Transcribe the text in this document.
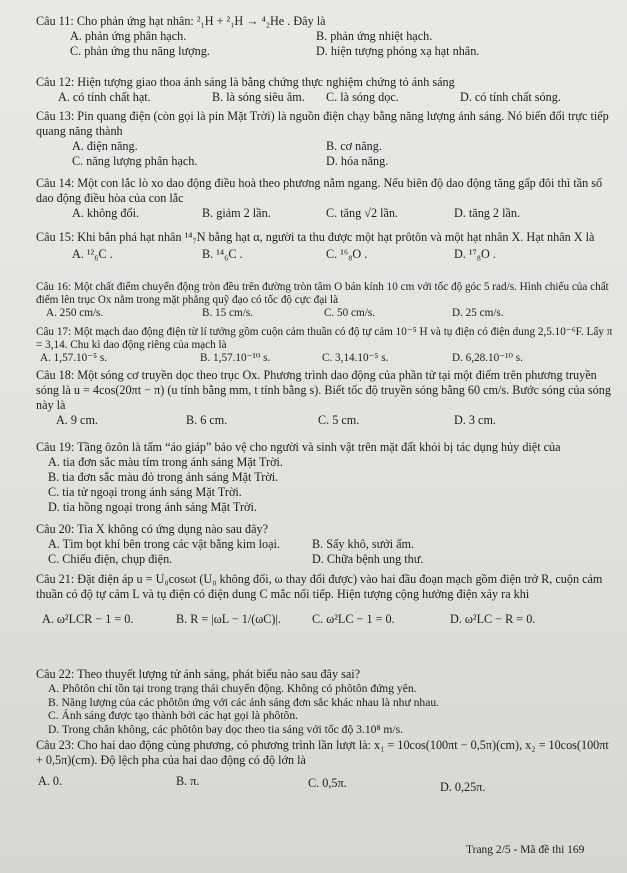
Câu 11: Cho phản ứng hạt nhân: ²₁H + ²₁H → ⁴₂He . Đây là

A. phản ứng phân hạch.	B. phản ứng nhiệt hạch.
C. phản ứng thu năng lượng.	D. hiện tượng phóng xạ hạt nhân.

Câu 12: Hiện tượng giao thoa ánh sáng là bằng chứng thực nghiệm chứng tỏ ánh sáng

A. có tính chất hạt.	B. là sóng siêu âm. C. là sóng dọc.	D. có tính chất sóng.

Câu 13: Pin quang điện (còn gọi là pin Mặt Trời) là nguồn điện chạy bằng năng lượng ánh sáng. Nó biến đổi trực tiếp quang năng thành

A. điện năng.	B. cơ năng.
C. năng lượng phân hạch.	D. hóa năng.

Câu 14: Một con lắc lò xo dao động điều hoà theo phương nằm ngang. Nếu biên độ dao động tăng gấp đôi thì tần số dao động điều hòa của con lắc

A. không đổi.	B. giảm 2 lần.	C. tăng √2 lần.	D. tăng 2 lần.

Câu 15: Khi bắn phá hạt nhân ¹⁴₇N bằng hạt α, người ta thu được một hạt prôtôn và một hạt nhân X. Hạt nhân X là

A. ¹²₆C .	B. ¹⁴₆C .	C. ¹⁶₈O .	D. ¹⁷₈O .

Câu 16: Một chất điểm chuyển động tròn đều trên đường tròn tâm O bán kính 10 cm với tốc độ góc 5 rad/s. Hình chiếu của chất điểm lên trục Ox nằm trong mặt phẳng quỹ đạo có tốc độ cực đại là

A. 250 cm/s.	B. 15 cm/s.	C. 50 cm/s.	D. 25 cm/s.

Câu 17: Một mạch dao động điện từ lí tưởng gồm cuộn cảm thuần có độ tự cảm 10⁻⁵ H và tụ điện có điện dung 2,5.10⁻⁶F. Lấy π = 3,14. Chu kì dao động riêng của mạch là

A. 1,57.10⁻⁵ s.	B. 1,57.10⁻¹⁰ s.	C. 3,14.10⁻⁵ s.	D. 6,28.10⁻¹⁰ s.

Câu 18: Một sóng cơ truyền dọc theo trục Ox. Phương trình dao động của phần tử tại một điểm trên phương truyền sóng là u = 4cos(20πt − π) (u tính bằng mm, t tính bằng s). Biết tốc độ truyền sóng bằng 60 cm/s. Bước sóng của sóng này là

A. 9 cm.	B. 6 cm.	C. 5 cm.	D. 3 cm.

Câu 19: Tầng ôzôn là tấm “áo giáp” bảo vệ cho người và sinh vật trên mặt đất khỏi bị tác dụng hủy diệt của

A. tia đơn sắc màu tím trong ánh sáng Mặt Trời.
B. tia đơn sắc màu đỏ trong ánh sáng Mặt Trời.
C. tia tử ngoại trong ánh sáng Mặt Trời.
D. tia hồng ngoại trong ánh sáng Mặt Trời.

Câu 20: Tia X không có ứng dụng nào sau đây?

A. Tìm bọt khí bên trong các vật bằng kim loại.	B. Sấy khô, sưởi ấm.
C. Chiếu điện, chụp điện.	D. Chữa bệnh ung thư.

Câu 21: Đặt điện áp u = U₀cosωt (U₀ không đổi, ω thay đổi được) vào hai đầu đoạn mạch gồm điện trở R, cuộn cảm thuần có độ tự cảm L và tụ điện có điện dung C mắc nối tiếp. Hiện tượng cộng hưởng điện xảy ra khi

A. ω²LCR − 1 = 0.	B. R = |ωL − 1/(ωC)|.	C. ω²LC − 1 = 0.	D. ω²LC − R = 0.

Câu 22: Theo thuyết lượng tử ánh sáng, phát biểu nào sau đây sai?

A. Phôtôn chỉ tồn tại trong trạng thái chuyển động. Không có phôtôn đứng yên.
B. Năng lượng của các phôtôn ứng với các ánh sáng đơn sắc khác nhau là như nhau.
C. Ánh sáng được tạo thành bởi các hạt gọi là phôtôn.
D. Trong chân không, các phôtôn bay dọc theo tia sáng với tốc độ 3.10⁸ m/s.

Câu 23: Cho hai dao động cùng phương, có phương trình lần lượt là: x₁ = 10cos(100πt − 0,5π)(cm), x₂ = 10cos(100πt + 0,5π)(cm). Độ lệch pha của hai dao động có độ lớn là

A. 0.	B. π.	C. 0,5π.	D. 0,25π.
Trang 2/5 - Mã đề thi 169
